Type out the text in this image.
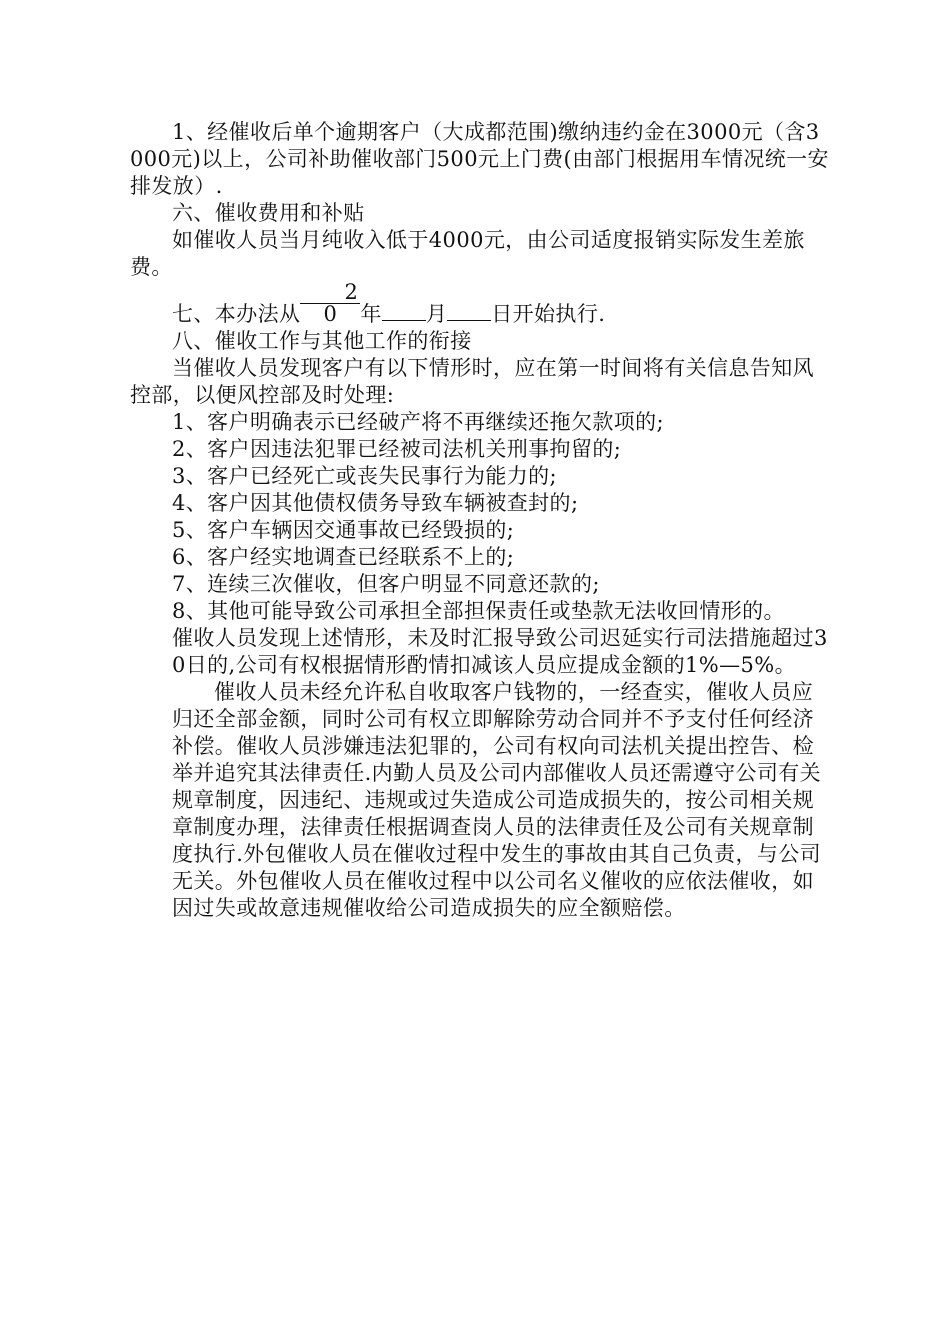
1、经催收后单个逾期客户（大成都范围)缴纳违约金在3000元（含3000元)以上，公司补助催收部门500元上门费(由部门根据用车情况统一安排发放）.

六、催收费用和补贴

如催收人员当月纯收入低于4000元，由公司适度报销实际发生差旅费。

七、本办法从20 年 月 日开始执行.

八、催收工作与其他工作的衔接

当催收人员发现客户有以下情形时，应在第一时间将有关信息告知风控部，以便风控部及时处理:

1、客户明确表示已经破产将不再继续还拖欠款项的;

2、客户因违法犯罪已经被司法机关刑事拘留的;

3、客户已经死亡或丧失民事行为能力的;

4、客户因其他债权债务导致车辆被查封的;

5、客户车辆因交通事故已经毁损的;

6、客户经实地调查已经联系不上的;

7、连续三次催收，但客户明显不同意还款的;

8、其他可能导致公司承担全部担保责任或垫款无法收回情形的。

催收人员发现上述情形，未及时汇报导致公司迟延实行司法措施超过30日的,公司有权根据情形酌情扣减该人员应提成金额的1%—5%。

催收人员未经允许私自收取客户钱物的，一经查实，催收人员应归还全部金额，同时公司有权立即解除劳动合同并不予支付任何经济补偿。催收人员涉嫌违法犯罪的，公司有权向司法机关提出控告、检举并追究其法律责任.内勤人员及公司内部催收人员还需遵守公司有关规章制度，因违纪、违规或过失造成公司造成损失的，按公司相关规章制度办理，法律责任根据调查岗人员的法律责任及公司有关规章制度执行.外包催收人员在催收过程中发生的事故由其自己负责，与公司无关。外包催收人员在催收过程中以公司名义催收的应依法催收，如因过失或故意违规催收给公司造成损失的应全额赔偿。
